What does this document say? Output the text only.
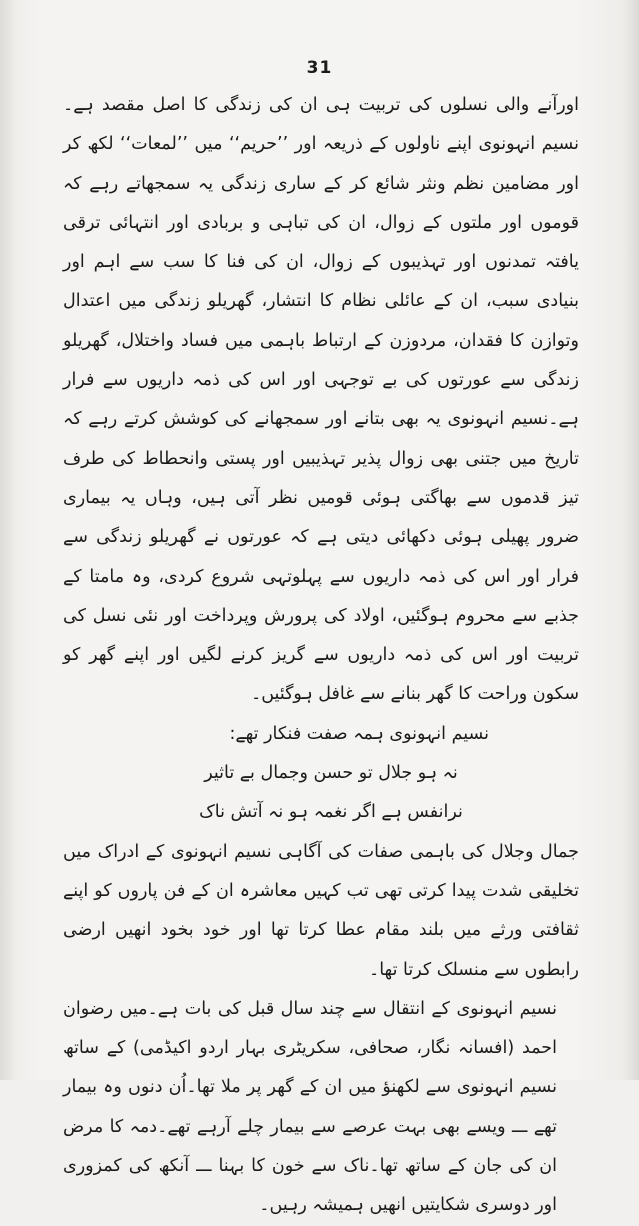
31

اورآنے والی نسلوں کی تربیت ہی ان کی زندگی کا اصل مقصد ہے۔نسیم انہونوی اپنے ناولوں کے ذریعہ اور ’’حریم‘‘ میں ’’لمعات‘‘ لکھ کر اور مضامین نظم ونثر شائع کر کے ساری زندگی یہ سمجھاتے رہے کہ قوموں اور ملتوں کے زوال، ان کی تباہی و بربادی اور انتہائی ترقی یافتہ تمدنوں اور تہذیبوں کے زوال، ان کی فنا کا سب سے اہم اور بنیادی سبب، ان کے عائلی نظام کا انتشار، گھریلو زندگی میں اعتدال وتوازن کا فقدان، مردوزن کے ارتباط باہمی میں فساد واختلال، گھریلو زندگی سے عورتوں کی بے توجہی اور اس کی ذمہ داریوں سے فرار ہے۔نسیم انہونوی یہ بھی بتانے اور سمجھانے کی کوشش کرتے رہے کہ تاریخ میں جتنی بھی زوال پذیر تہذیبیں اور پستی وانحطاط کی طرف تیز قدموں سے بھاگتی ہوئی قومیں نظر آتی ہیں، وہاں یہ بیماری ضرور پھیلی ہوئی دکھائی دیتی ہے کہ عورتوں نے گھریلو زندگی سے فرار اور اس کی ذمہ داریوں سے پہلوتہی شروع کردی، وہ مامتا کے جذبے سے محروم ہوگئیں، اولاد کی پرورش وپرداخت اور نئی نسل کی تربیت اور اس کی ذمہ داریوں سے گریز کرنے لگیں اور اپنے گھر کو سکون وراحت کا گھر بنانے سے غافل ہوگئیں۔

نسیم انہونوی ہمہ صفت فنکار تھے:

نہ ہو جلال تو حسن وجمال بے تاثیر

نرانفس ہے اگر نغمہ ہو نہ آتش ناک

جمال وجلال کی باہمی صفات کی آگاہی نسیم انہونوی کے ادراک میں تخلیقی شدت پیدا کرتی تھی تب کہیں معاشرہ ان کے فن پاروں کو اپنے ثقافتی ورثے میں بلند مقام عطا کرتا تھا اور خود بخود انھیں ارضی رابطوں سے منسلک کرتا تھا۔

نسیم انہونوی کے انتقال سے چند سال قبل کی بات ہے۔میں رضوان احمد (افسانہ نگار، صحافی، سکریٹری بہار اردو اکیڈمی) کے ساتھ نسیم انہونوی سے لکھنؤ میں ان کے گھر پر ملا تھا۔اُن دنوں وہ بیمار تھے ـــ ویسے بھی بہت عرصے سے بیمار چلے آرہے تھے۔دمہ کا مرض ان کی جان کے ساتھ تھا۔ناک سے خون کا بہنا ـــ آنکھ کی کمزوری اور دوسری شکایتیں انھیں ہمیشہ رہیں۔
